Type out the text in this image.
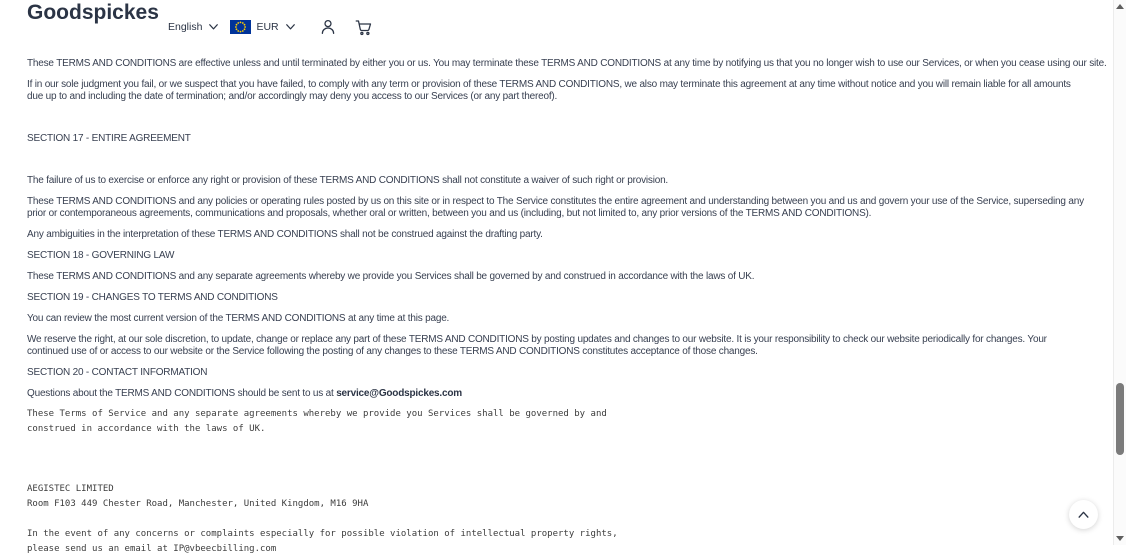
Goodspickes
English	EUR

These TERMS AND CONDITIONS are effective unless and until terminated by either you or us. You may terminate these TERMS AND CONDITIONS at any time by notifying us that you no longer wish to use our Services, or when you cease using our site.

If in our sole judgment you fail, or we suspect that you have failed, to comply with any term or provision of these TERMS AND CONDITIONS, we also may terminate this agreement at any time without notice and you will remain liable for all amounts due up to and including the date of termination; and/or accordingly may deny you access to our Services (or any part thereof).

SECTION 17 - ENTIRE AGREEMENT

The failure of us to exercise or enforce any right or provision of these TERMS AND CONDITIONS shall not constitute a waiver of such right or provision.

These TERMS AND CONDITIONS and any policies or operating rules posted by us on this site or in respect to The Service constitutes the entire agreement and understanding between you and us and govern your use of the Service, superseding any prior or contemporaneous agreements, communications and proposals, whether oral or written, between you and us (including, but not limited to, any prior versions of the TERMS AND CONDITIONS).

Any ambiguities in the interpretation of these TERMS AND CONDITIONS shall not be construed against the drafting party.

SECTION 18 - GOVERNING LAW

These TERMS AND CONDITIONS and any separate agreements whereby we provide you Services shall be governed by and construed in accordance with the laws of UK.

SECTION 19 - CHANGES TO TERMS AND CONDITIONS

You can review the most current version of the TERMS AND CONDITIONS at any time at this page.

We reserve the right, at our sole discretion, to update, change or replace any part of these TERMS AND CONDITIONS by posting updates and changes to our website. It is your responsibility to check our website periodically for changes. Your continued use of or access to our website or the Service following the posting of any changes to these TERMS AND CONDITIONS constitutes acceptance of those changes.

SECTION 20 - CONTACT INFORMATION

Questions about the TERMS AND CONDITIONS should be sent to us at service@Goodspickes.com

These Terms of Service and any separate agreements whereby we provide you Services shall be governed by and
construed in accordance with the laws of UK.
AEGISTEC LIMITED
Room F103 449 Chester Road, Manchester, United Kingdom, M16 9HA
In the event of any concerns or complaints especially for possible violation of intellectual property rights,
please send us an email at IP@vbeecbilling.com
